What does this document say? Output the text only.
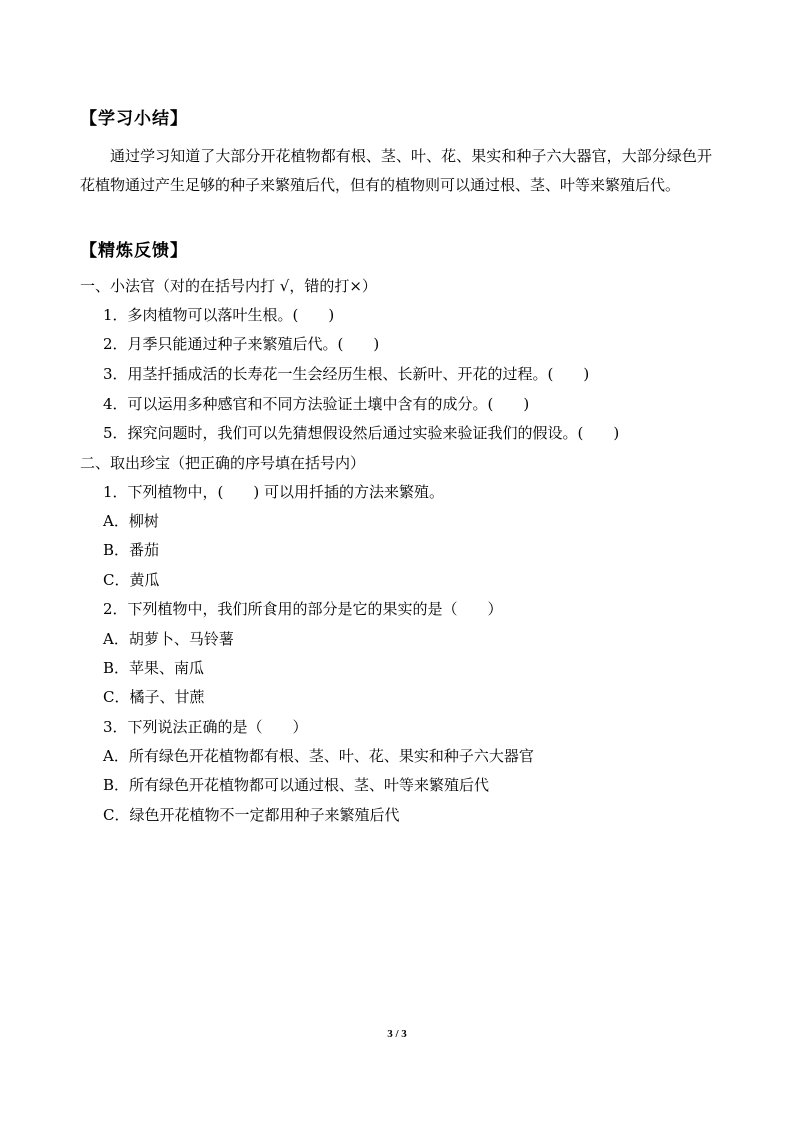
【学习小结】
通过学习知道了大部分开花植物都有根、茎、叶、花、果实和种子六大器官，大部分绿色开花植物通过产生足够的种子来繁殖后代，但有的植物则可以通过根、茎、叶等来繁殖后代。
【精炼反馈】
一、小法官（对的在括号内打 √，错的打×）
1．多肉植物可以落叶生根。(　　)
2．月季只能通过种子来繁殖后代。(　　)
3．用茎扦插成活的长寿花一生会经历生根、长新叶、开花的过程。(　　)
4．可以运用多种感官和不同方法验证土壤中含有的成分。(　　)
5．探究问题时，我们可以先猜想假设然后通过实验来验证我们的假设。(　　)
二、取出珍宝（把正确的序号填在括号内）
1．下列植物中，(　　) 可以用扦插的方法来繁殖。
A．柳树
B．番茄
C．黄瓜
2．下列植物中，我们所食用的部分是它的果实的是（　　）
A．胡萝卜、马铃薯
B．苹果、南瓜
C．橘子、甘蔗
3．下列说法正确的是（　　）
A．所有绿色开花植物都有根、茎、叶、花、果实和种子六大器官
B．所有绿色开花植物都可以通过根、茎、叶等来繁殖后代
C．绿色开花植物不一定都用种子来繁殖后代
3 / 3
